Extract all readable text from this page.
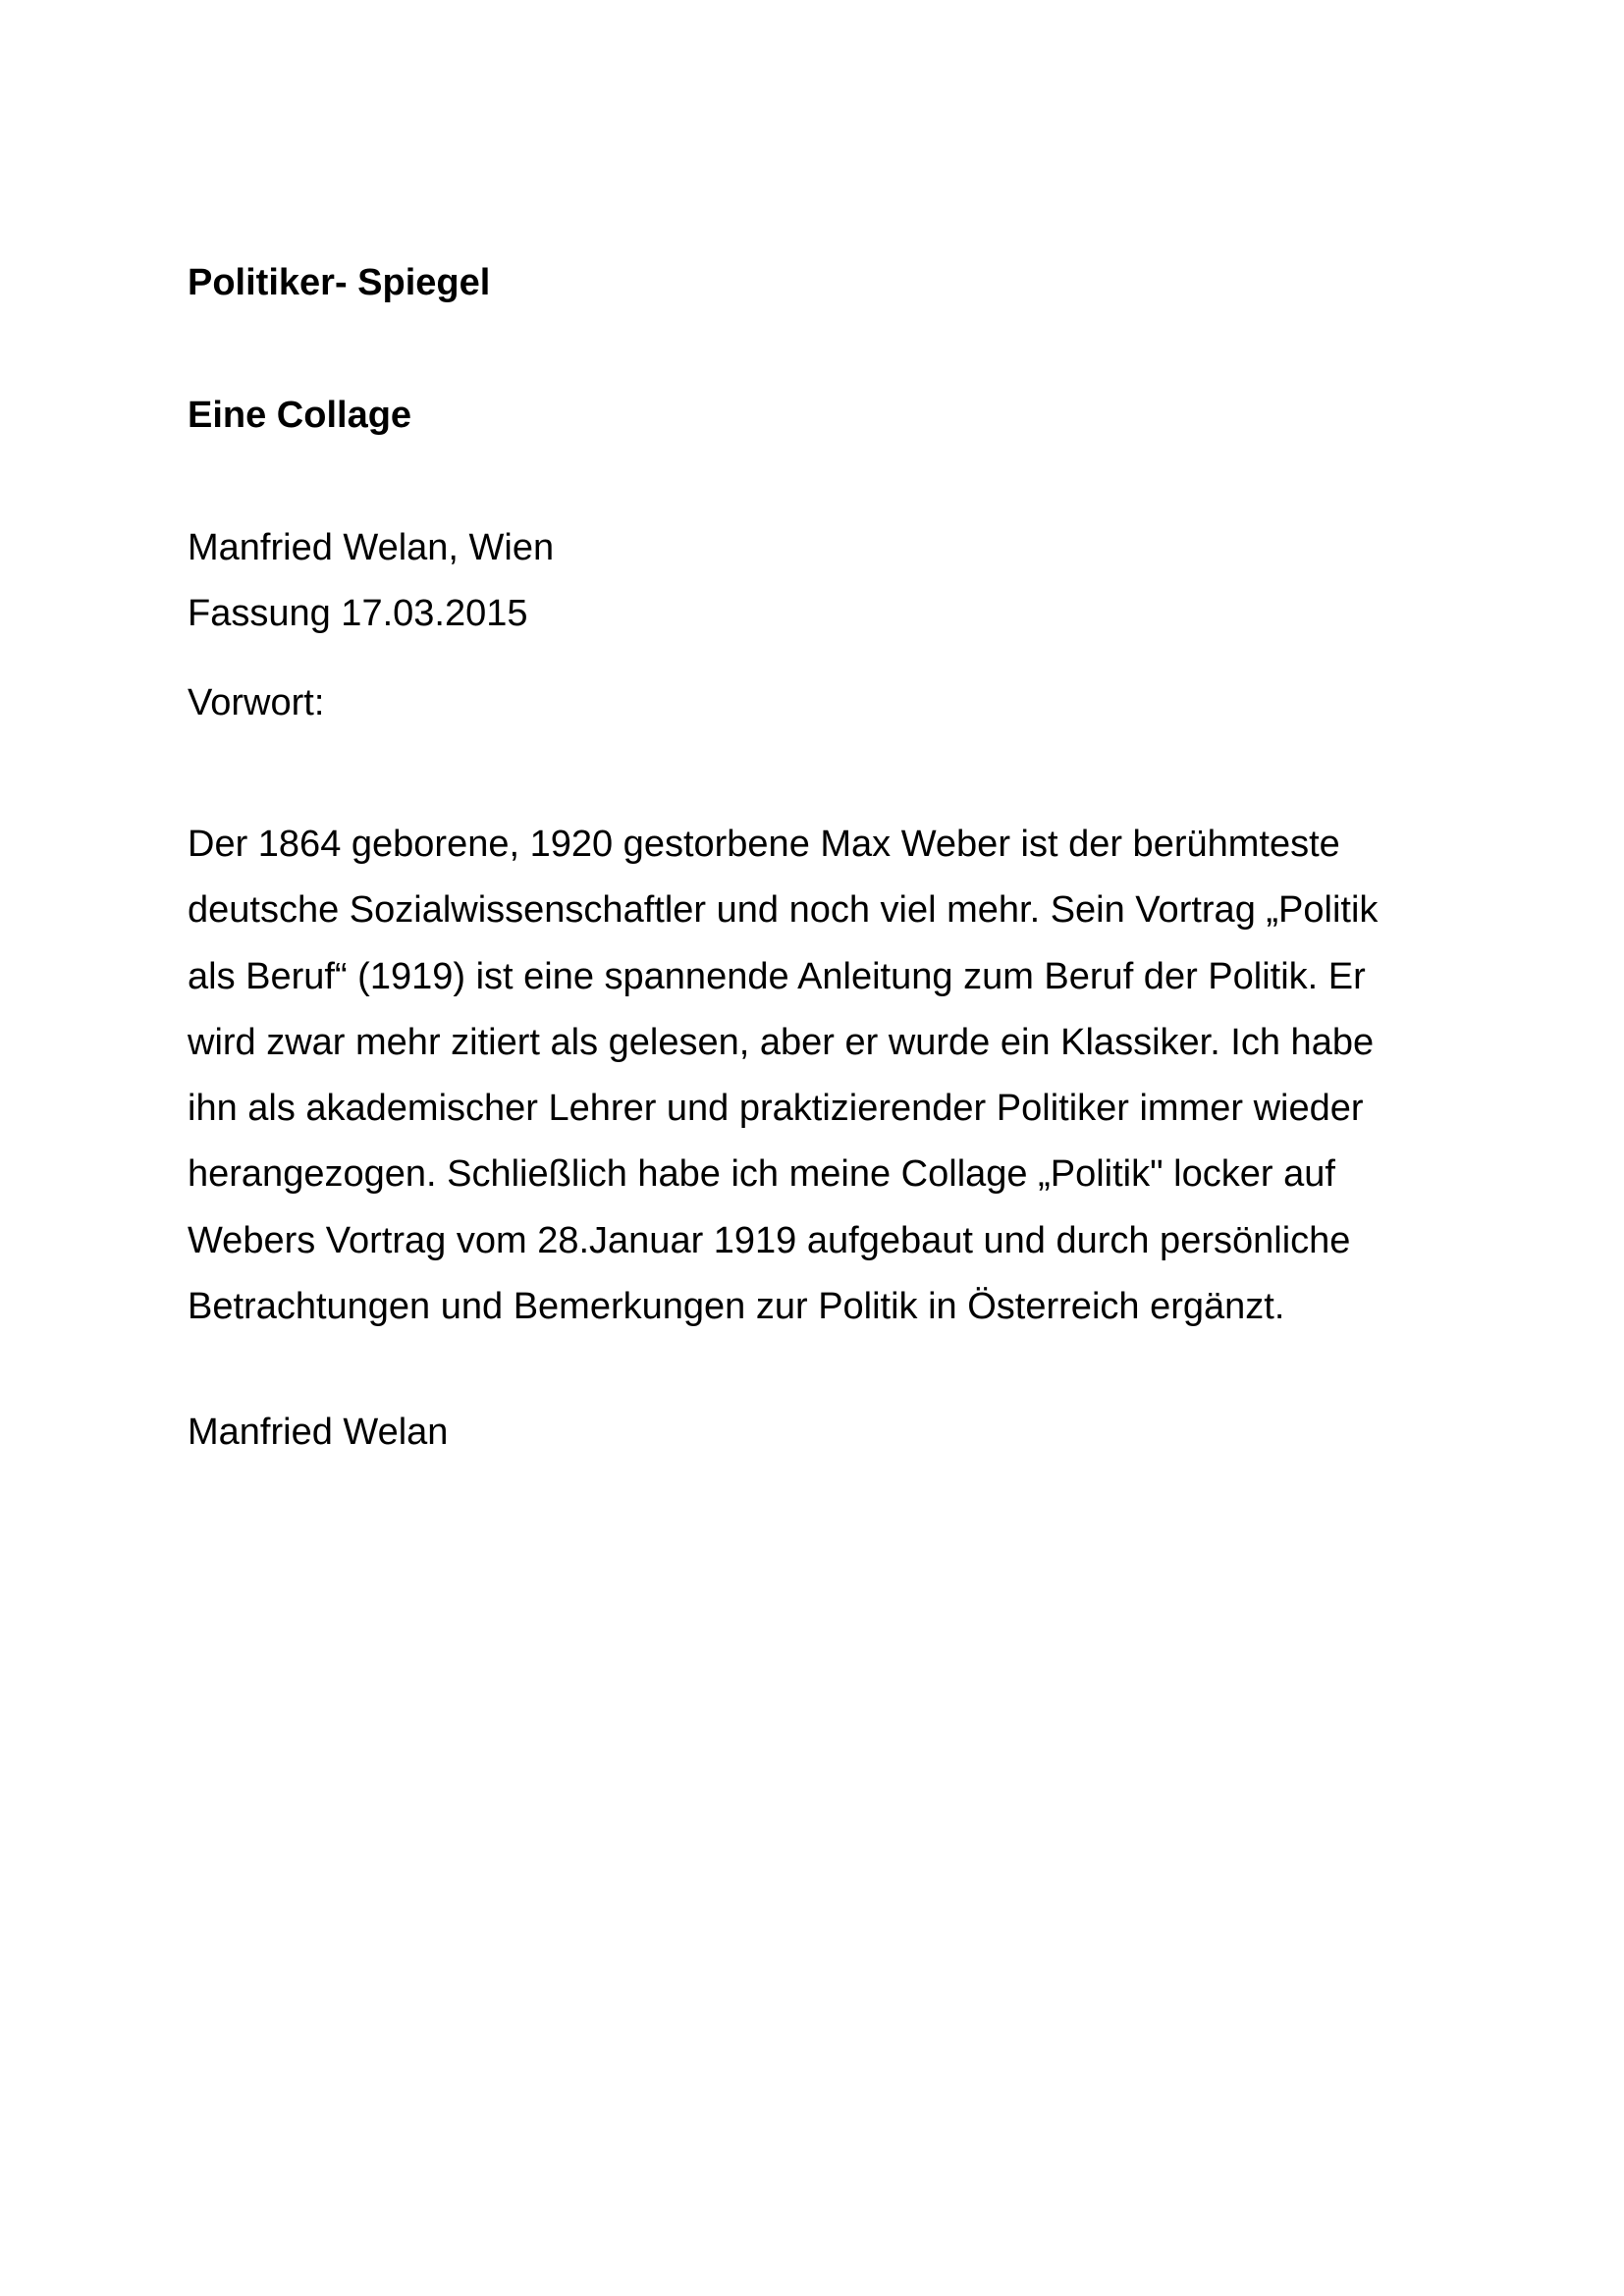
Politiker- Spiegel
Eine Collage

Manfried Welan, Wien

Fassung 17.03.2015

Vorwort:

Der 1864 geborene, 1920 gestorbene Max Weber ist der berühmteste
deutsche Sozialwissenschaftler und noch viel mehr. Sein Vortrag „Politik
als Beruf“ (1919) ist eine spannende Anleitung zum Beruf der Politik. Er
wird zwar mehr zitiert als gelesen, aber er wurde ein Klassiker. Ich habe
ihn als akademischer Lehrer und praktizierender Politiker immer wieder
herangezogen. Schließlich habe ich meine Collage „Politik" locker auf
Webers Vortrag vom 28.Januar 1919 aufgebaut und durch persönliche
Betrachtungen und Bemerkungen zur Politik in Österreich ergänzt.

Manfried Welan
